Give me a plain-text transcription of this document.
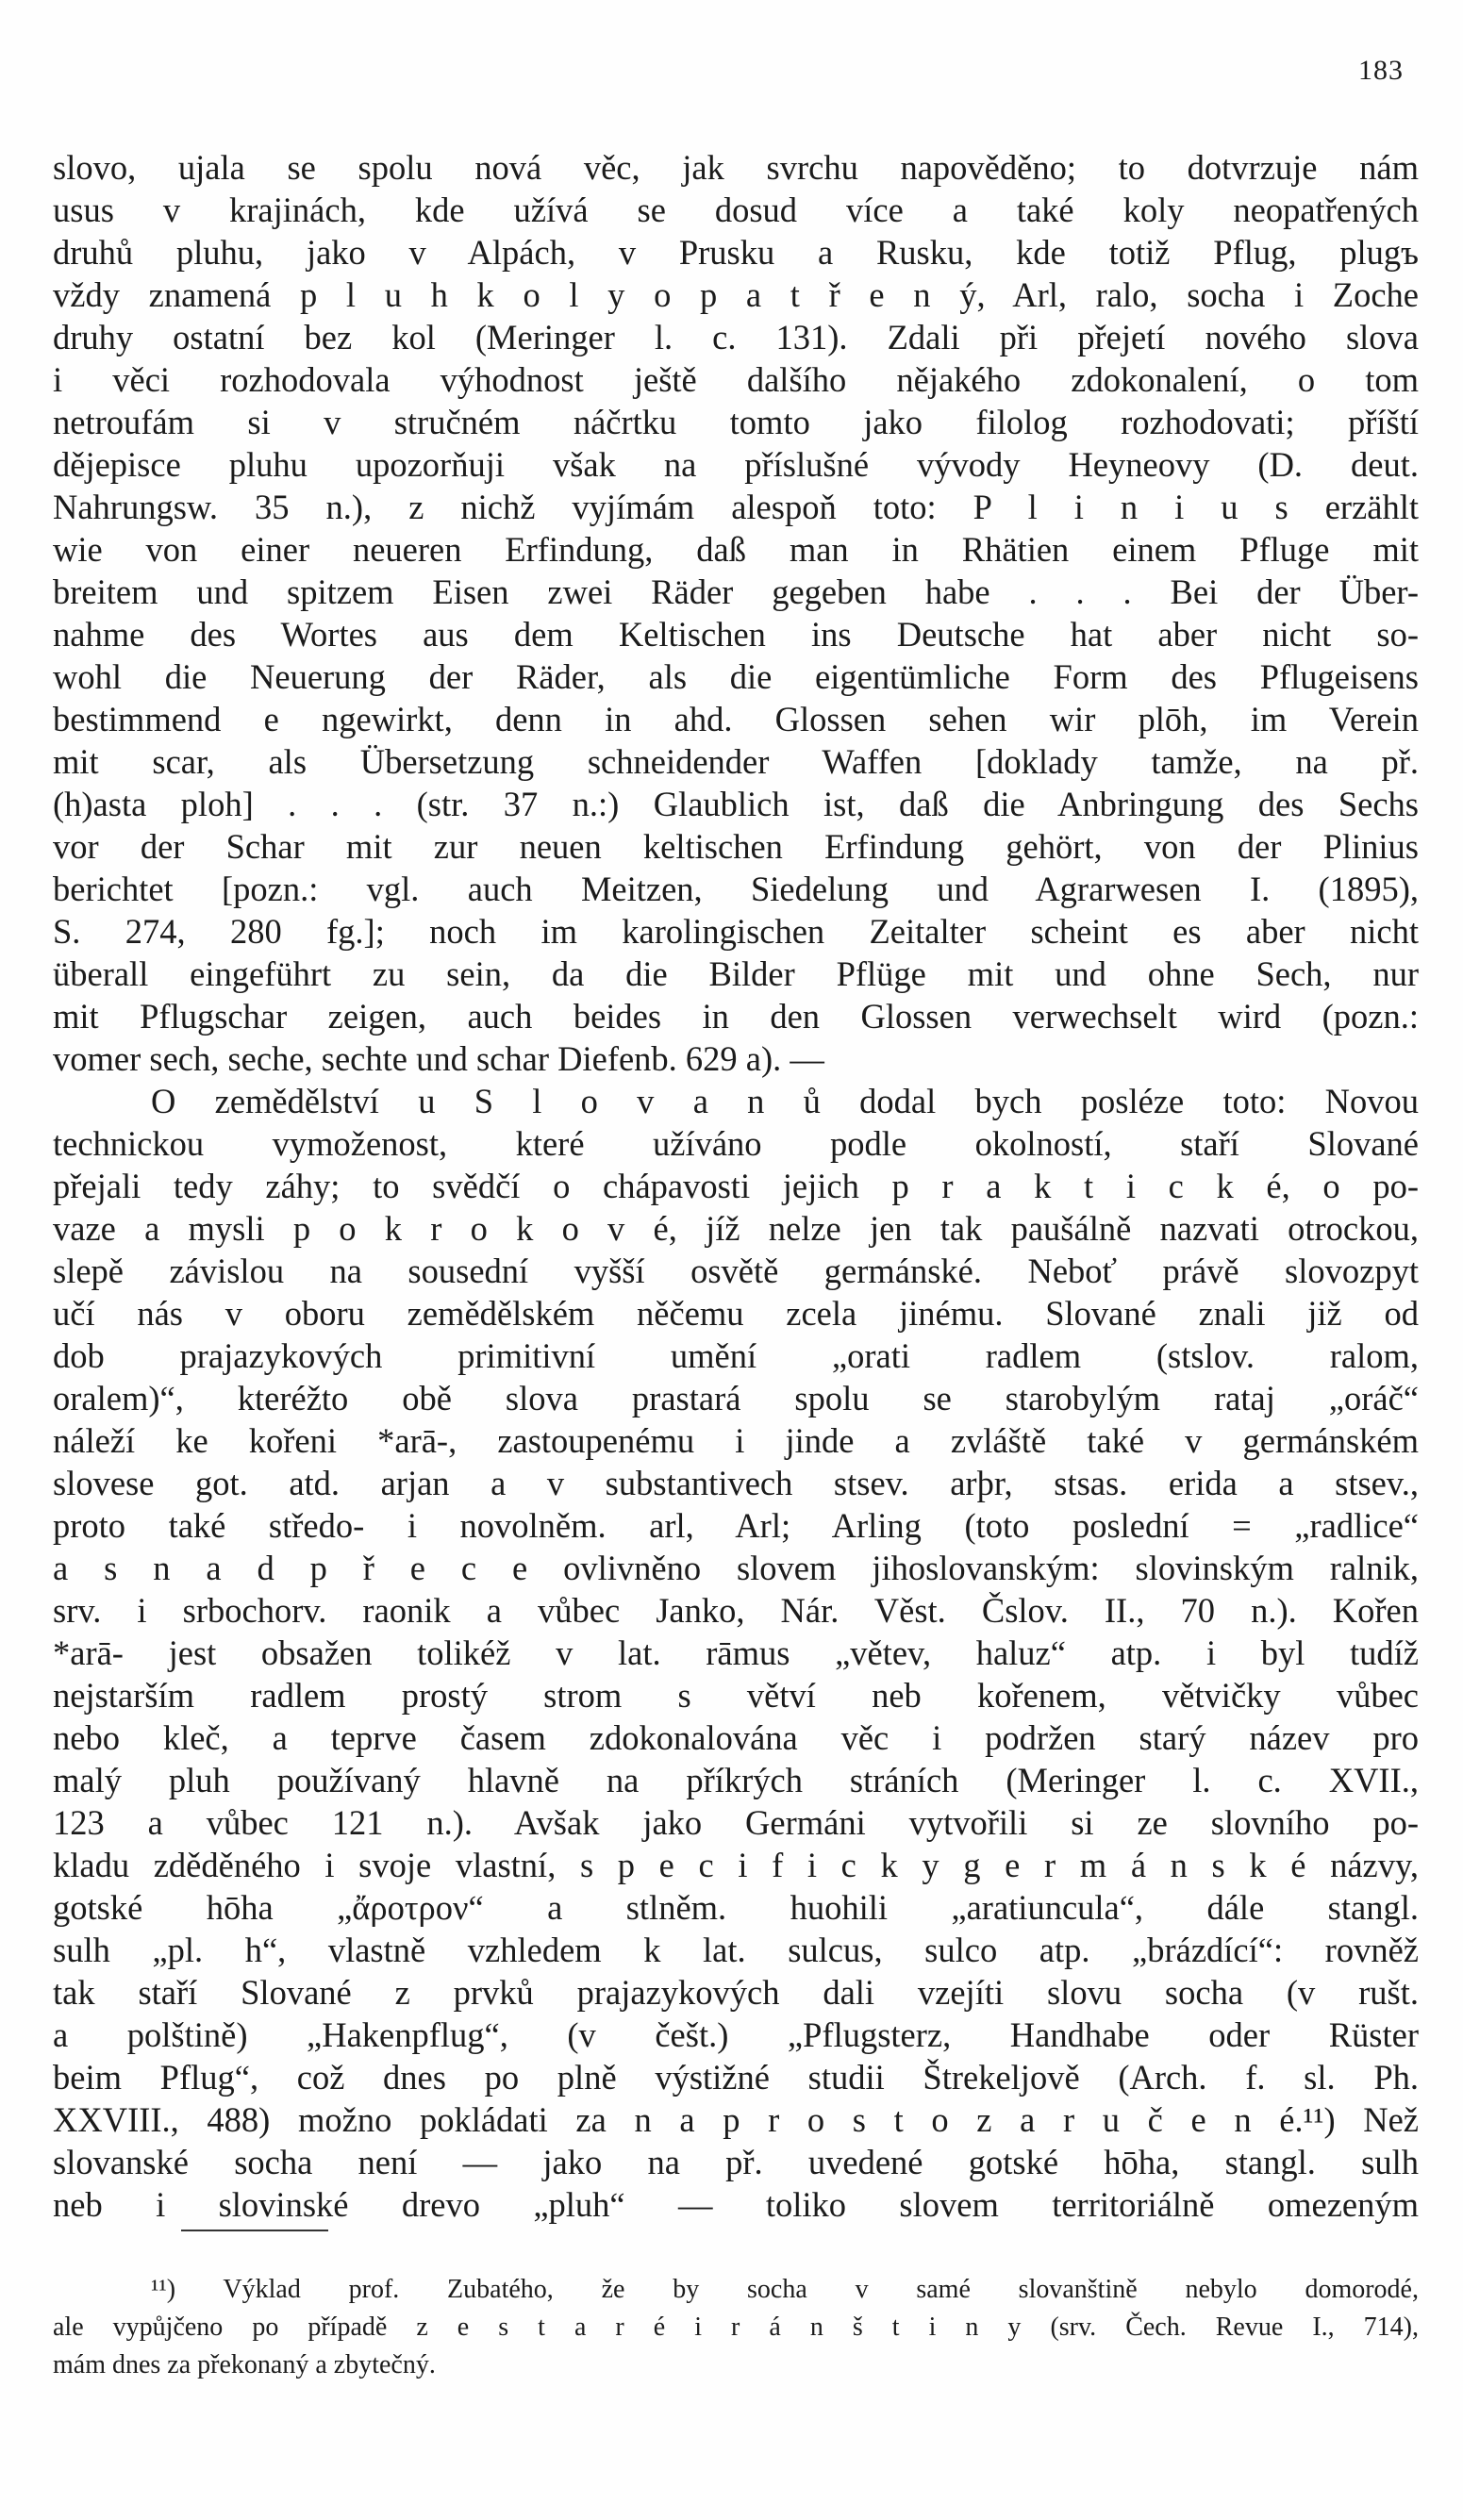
183
slovo, ujala se spolu nová věc, jak svrchu napověděno; to dotvrzuje nám
usus v krajinách, kde užívá se dosud více a také koly neopatřených
druhů pluhu, jako v Alpách, v Prusku a Rusku, kde totiž Pflug, plugъ
vždy znamená p l u h k o l y o p a t ř e n ý, Arl, ralo, socha i Zoche
druhy ostatní bez kol (Meringer l. c. 131). Zdali při přejetí nového slova
i věci rozhodovala výhodnost ještě dalšího nějakého zdokonalení, o tom
netroufám si v stručném náčrtku tomto jako filolog rozhodovati; příští
dějepisce pluhu upozorňuji však na příslušné vývody Heyneovy (D. deut.
Nahrungsw. 35 n.), z nichž vyjímám alespoň toto: P l i n i u s erzählt
wie von einer neueren Erfindung, daß man in Rhätien einem Pfluge mit
breitem und spitzem Eisen zwei Räder gegeben habe . . . Bei der Über-
nahme des Wortes aus dem Keltischen ins Deutsche hat aber nicht so-
wohl die Neuerung der Räder, als die eigentümliche Form des Pflugeisens
bestimmend e ngewirkt, denn in ahd. Glossen sehen wir plōh, im Verein
mit scar, als Übersetzung schneidender Waffen [doklady tamže, na př.
(h)asta ploh] . . . (str. 37 n.:) Glaublich ist, daß die Anbringung des Sechs
vor der Schar mit zur neuen keltischen Erfindung gehört, von der Plinius
berichtet [pozn.: vgl. auch Meitzen, Siedelung und Agrarwesen I. (1895),
S. 274, 280 fg.]; noch im karolingischen Zeitalter scheint es aber nicht
überall eingeführt zu sein, da die Bilder Pflüge mit und ohne Sech, nur
mit Pflugschar zeigen, auch beides in den Glossen verwechselt wird (pozn.:
vomer sech, seche, sechte und schar Diefenb. 629 a). —
O zemědělství u S l o v a n ů dodal bych posléze toto: Novou
technickou vymoženost, které užíváno podle okolností, staří Slované
přejali tedy záhy; to svědčí o chápavosti jejich p r a k t i c k é, o po-
vaze a mysli p o k r o k o v é, jíž nelze jen tak paušálně nazvati otrockou,
slepě závislou na sousední vyšší osvětě germánské. Neboť právě slovozpyt
učí nás v oboru zemědělském něčemu zcela jinému. Slované znali již od
dob prajazykových primitivní umění „orati radlem (stslov. ralom,
oralem)“, kteréžto obě slova prastará spolu se starobylým rataj „oráč“
náleží ke kořeni *arā-, zastoupenému i jinde a zvláště také v germánském
slovese got. atd. arjan a v substantivech stsev. arþr, stsas. erida a stsev.,
proto také středo- i novolněm. arl, Arl; Arling (toto poslední = „radlice“
a s n a d p ř e c e ovlivněno slovem jihoslovanským: slovinským ralnik,
srv. i srbochorv. raonik a vůbec Janko, Nár. Věst. Čslov. II., 70 n.). Kořen
*arā- jest obsažen tolikéž v lat. rāmus „větev, haluz“ atp. i byl tudíž
nejstarším radlem prostý strom s větví neb kořenem, větvičky vůbec
nebo kleč, a teprve časem zdokonalována věc i podržen starý název pro
malý pluh používaný hlavně na příkrých stráních (Meringer l. c. XVII.,
123 a vůbec 121 n.). Avšak jako Germáni vytvořili si ze slovního po-
kladu zděděného i svoje vlastní, s p e c i f i c k y g e r m á n s k é názvy,
gotské hōha „ἄροτρον“ a stlněm. huohili „aratiuncula“, dále stangl.
sulh „pl. h“, vlastně vzhledem k lat. sulcus, sulco atp. „brázdící“: rovněž
tak staří Slované z prvků prajazykových dali vzejíti slovu socha (v rušt.
a polštině) „Hakenpflug“, (v češt.) „Pflugsterz, Handhabe oder Rüster
beim Pflug“, což dnes po plně výstižné studii Štrekeljově (Arch. f. sl. Ph.
XXVIII., 488) možno pokládati za n a p r o s t o z a r u č e n é.¹¹) Než
slovanské socha není — jako na př. uvedené gotské hōha, stangl. sulh
neb i slovinské drevo „pluh“ — toliko slovem territoriálně omezeným
¹¹) Výklad prof. Zubatého, že by socha v samé slovanštině nebylo domorodé,
ale vypůjčeno po případě z e s t a r é i r á n š t i n y (srv. Čech. Revue I., 714),
mám dnes za překonaný a zbytečný.
